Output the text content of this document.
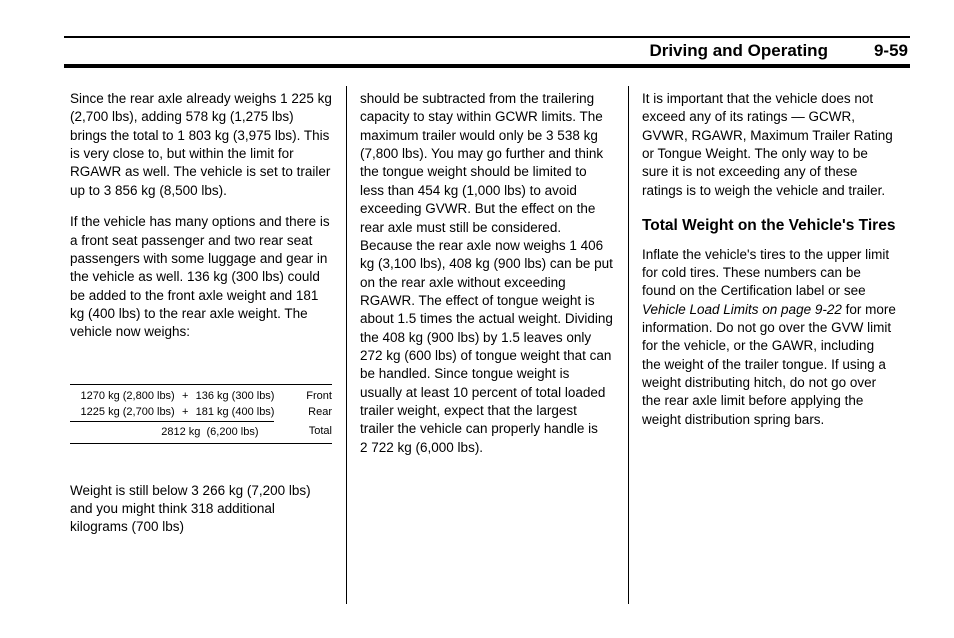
Driving and Operating	9-59

Since the rear axle already weighs 1 225 kg (2,700 lbs), adding 578 kg (1,275 lbs) brings the total to 1 803 kg (3,975 lbs). This is very close to, but within the limit for RGAWR as well. The vehicle is set to trailer up to 3 856 kg (8,500 lbs).

If the vehicle has many options and there is a front seat passenger and two rear seat passengers with some luggage and gear in the vehicle as well. 136 kg (300 lbs) could be added to the front axle weight and 181 kg (400 lbs) to the rear axle weight. The vehicle now weighs:

1270 kg (2,800 lbs)	+	136 kg (300 lbs)	Front
1225 kg (2,700 lbs)	+	181 kg (400 lbs)	Rear
2812 kg  (6,200 lbs)			Total

Weight is still below 3 266 kg (7,200 lbs) and you might think 318 additional kilograms (700 lbs)

should be subtracted from the trailering capacity to stay within GCWR limits. The maximum trailer would only be 3 538 kg (7,800 lbs). You may go further and think the tongue weight should be limited to less than 454 kg (1,000 lbs) to avoid exceeding GVWR. But the effect on the rear axle must still be considered. Because the rear axle now weighs 1 406 kg (3,100 lbs), 408 kg (900 lbs) can be put on the rear axle without exceeding RGAWR. The effect of tongue weight is about 1.5 times the actual weight. Dividing the 408 kg (900 lbs) by 1.5 leaves only 272 kg (600 lbs) of tongue weight that can be handled. Since tongue weight is usually at least 10 percent of total loaded trailer weight, expect that the largest trailer the vehicle can properly handle is 2 722 kg (6,000 lbs).

It is important that the vehicle does not exceed any of its ratings — GCWR, GVWR, RGAWR, Maximum Trailer Rating or Tongue Weight. The only way to be sure it is not exceeding any of these ratings is to weigh the vehicle and trailer.

Total Weight on the Vehicle's Tires

Inflate the vehicle's tires to the upper limit for cold tires. These numbers can be found on the Certification label or see Vehicle Load Limits on page 9-22 for more information. Do not go over the GVW limit for the vehicle, or the GAWR, including the weight of the trailer tongue. If using a weight distributing hitch, do not go over the rear axle limit before applying the weight distribution spring bars.
